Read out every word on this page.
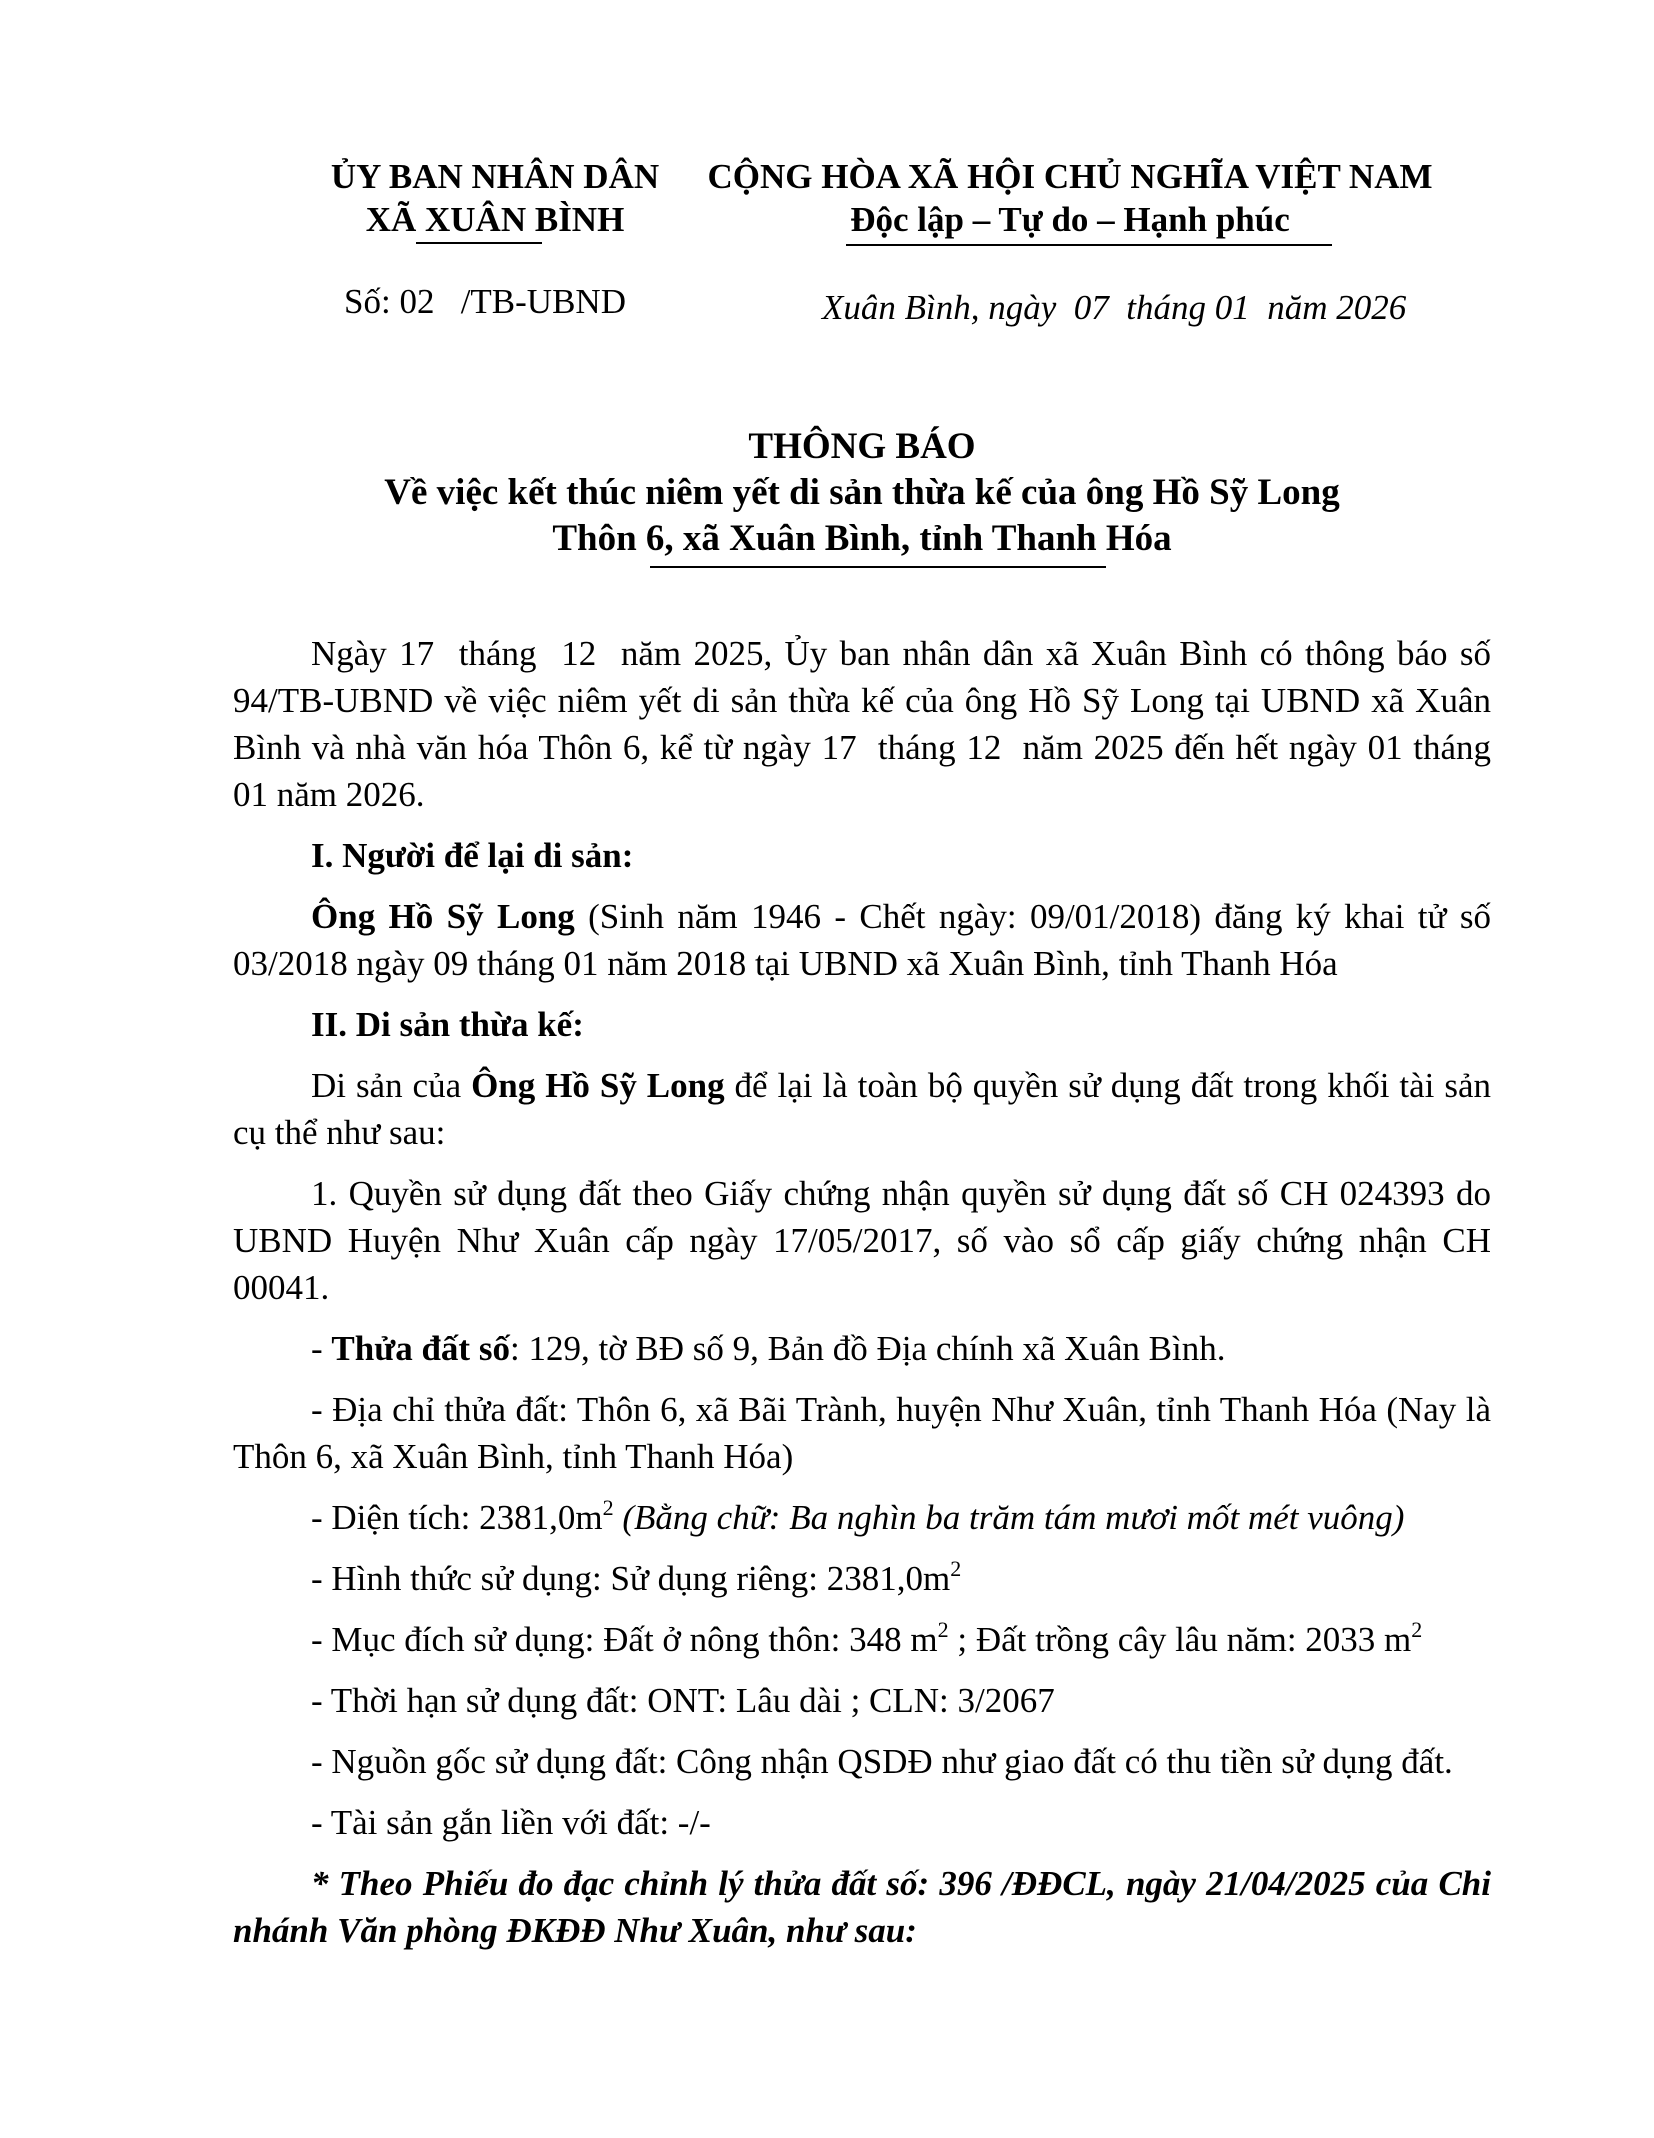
ỦY BAN NHÂN DÂN
XÃ XUÂN BÌNH
CỘNG HÒA XÃ HỘI CHỦ NGHĨA VIỆT NAM
Độc lập – Tự do – Hạnh phúc
Số: 02   /TB-UBND	Xuân Bình, ngày  07  tháng 01  năm 2026
THÔNG BÁO
Về việc kết thúc niêm yết di sản thừa kế của ông Hồ Sỹ Long
Thôn 6, xã Xuân Bình, tỉnh Thanh Hóa

Ngày 17  tháng  12  năm 2025, Ủy ban nhân dân xã Xuân Bình có thông báo số 94/TB-UBND về việc niêm yết di sản thừa kế của ông Hồ Sỹ Long tại UBND xã Xuân Bình và nhà văn hóa Thôn 6, kể từ ngày 17  tháng 12  năm 2025 đến hết ngày 01 tháng  01 năm 2026.

I. Người để lại di sản:

Ông Hồ Sỹ Long (Sinh năm 1946 - Chết ngày: 09/01/2018) đăng ký khai tử số 03/2018 ngày 09 tháng 01 năm 2018 tại UBND xã Xuân Bình, tỉnh Thanh Hóa

II. Di sản thừa kế:

Di sản của Ông Hồ Sỹ Long để lại là toàn bộ quyền sử dụng đất trong khối tài sản cụ thể như sau:

1. Quyền sử dụng đất theo Giấy chứng nhận quyền sử dụng đất số CH 024393 do UBND Huyện Như Xuân cấp ngày 17/05/2017, số vào sổ cấp giấy chứng nhận CH 00041.

- Thửa đất số: 129, tờ BĐ số 9, Bản đồ Địa chính xã Xuân Bình.

- Địa chỉ thửa đất: Thôn 6, xã Bãi Trành, huyện Như Xuân, tỉnh Thanh Hóa (Nay là Thôn 6, xã Xuân Bình, tỉnh Thanh Hóa)

- Diện tích: $2381,0m^2$ (Bằng chữ: Ba nghìn ba trăm tám mươi mốt mét vuông)

- Hình thức sử dụng: Sử dụng riêng: $2381,0m^2$

- Mục đích sử dụng: Đất ở nông thôn: 348 $m^2$ ; Đất trồng cây lâu năm: 2033 $m^2$

- Thời hạn sử dụng đất: ONT: Lâu dài ; CLN: 3/2067

- Nguồn gốc sử dụng đất: Công nhận QSDĐ như giao đất có thu tiền sử dụng đất.

- Tài sản gắn liền với đất: -/-

* Theo Phiếu đo đạc chỉnh lý thửa đất số: 396 /ĐĐCL, ngày 21/04/2025 của Chi nhánh Văn phòng ĐKĐĐ Như Xuân, như sau:
